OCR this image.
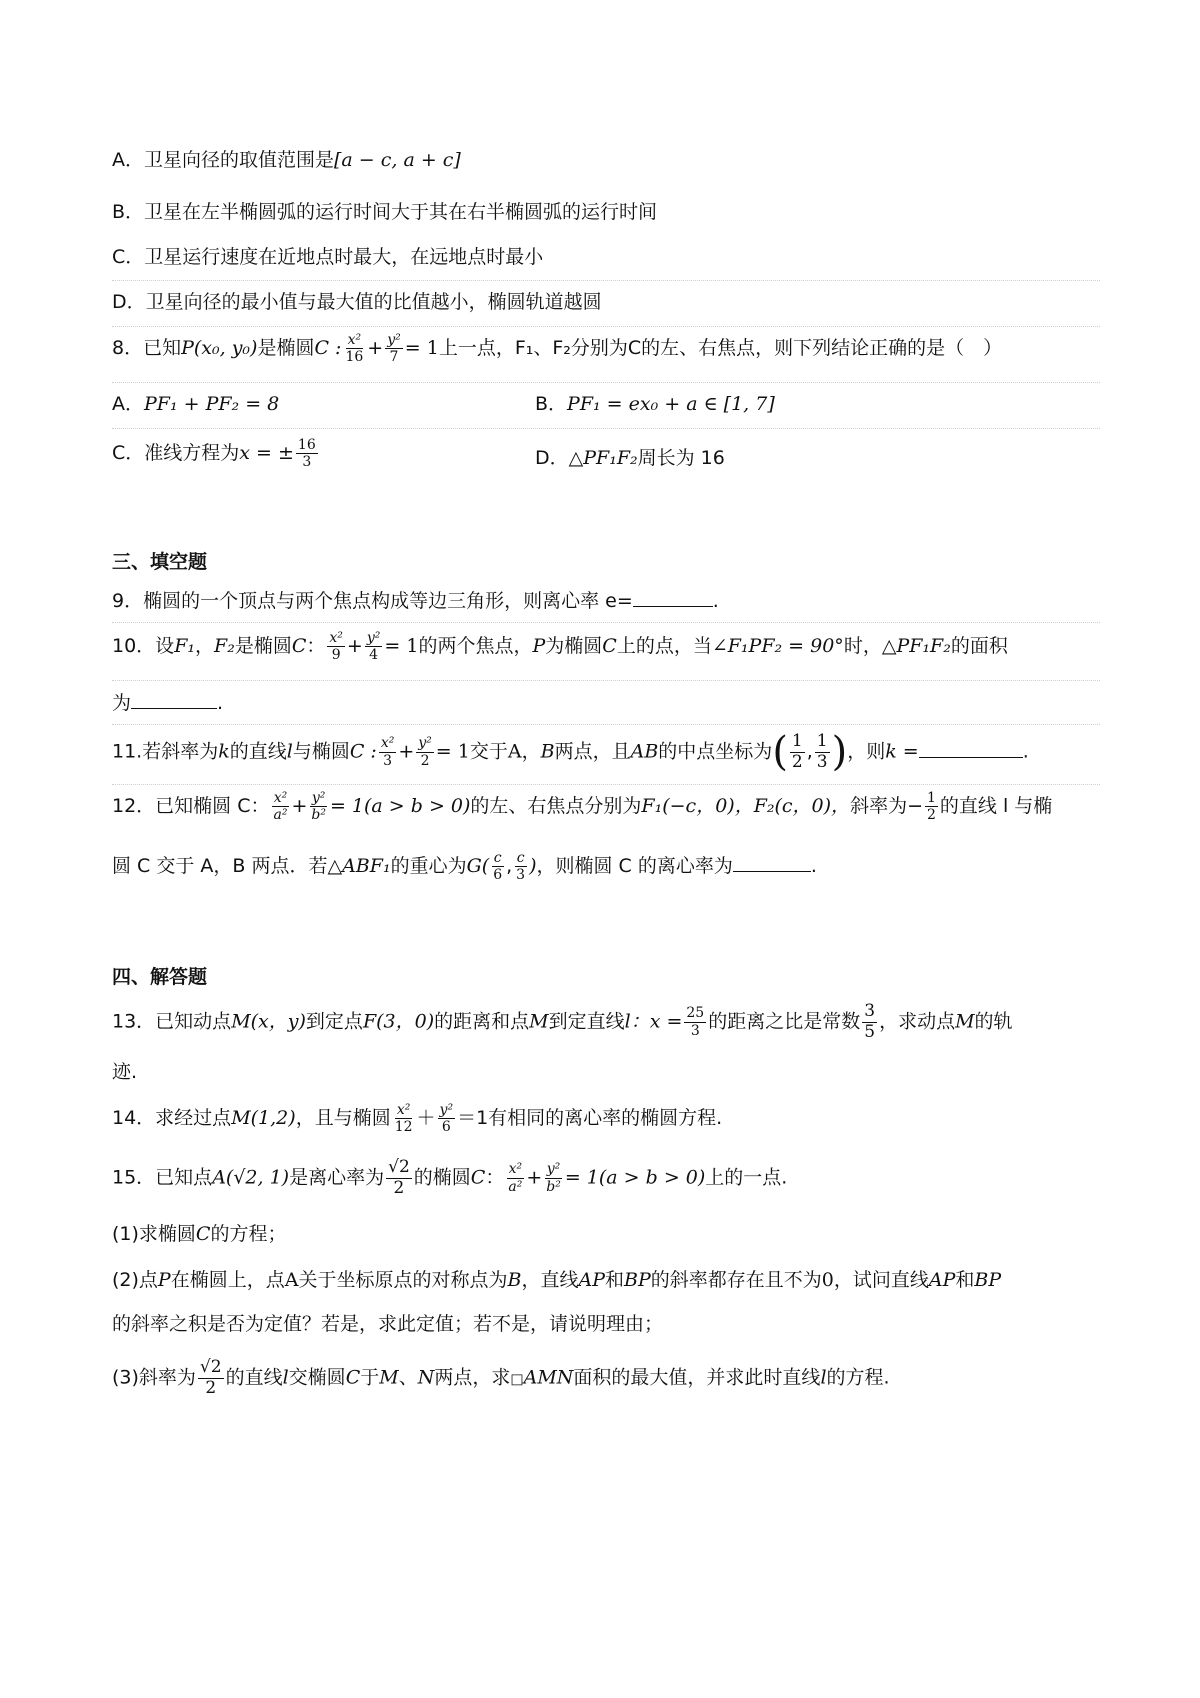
A．卫星向径的取值范围是[a − c, a + c]
B．卫星在左半椭圆弧的运行时间大于其在右半椭圆弧的运行时间
C．卫星运行速度在近地点时最大，在远地点时最小
D．卫星向径的最小值与最大值的比值越小，椭圆轨道越圆
8．已知P(x₀, y₀)是椭圆C : $\frac{\text{x²}}{16} + \frac{\text{y²}}{7} = 1$上一点，F₁、F₂分别为C的左、右焦点，则下列结论正确的是（　）
A．PF₁ + PF₂ = 8	B．PF₁ = ex₀ + a ∈ [1, 7]
C．准线方程为x = ± $\frac{16}{3}$	D．△PF₁F₂周长为 16
三、填空题
9．椭圆的一个顶点与两个焦点构成等边三角形，则离心率 e=	.
10．设F₁，F₂是椭圆C： $\frac{\text{x²}}{9} + \frac{\text{y²}}{4} = 1$的两个焦点，P为椭圆C上的点，当∠F₁PF₂ = 90°时，△PF₁F₂的面积
为	.
11.若斜率为k的直线l与椭圆C : $\frac{\text{x²}}{3} + \frac{\text{y²}}{2} = 1$交于A，B两点，且AB的中点坐标为( $\frac{1}{2}$ , $\frac{1}{3}$ )，则k =	.
12．已知椭圆 C： $\frac{\text{x²}}{\text{a²}} + \frac{\text{y²}}{\text{b²}} = 1(a > b > 0)$的左、右焦点分别为F₁(−c，0)，F₂(c，0)，斜率为− $\frac{1}{2}$ 的直线 l 与椭
圆 C 交于 A，B 两点．若△ABF₁的重心为$G( \frac{c}{6}$ , $\frac{c}{3}$ )，则椭圆 C 的离心率为	.
四、解答题
13．已知动点M(x，y)到定点F(3，0)的距离和点M到定直线l：$x = \frac{25}{3}$ 的距离之比是常数 $\frac{3}{5}$ ，求动点M的轨
迹.
14．求经过点M(1,2)，且与椭圆 $\frac{\text{x²}}{12} + \frac{\text{y²}}{6} =1$有相同的离心率的椭圆方程.
15．已知点A(√2, 1)是离心率为 $\frac{√2}{2}$ 的椭圆C： $\frac{\text{x²}}{\text{a²}} + \frac{\text{y²}}{\text{b²}} = 1(a > b > 0)$上的一点.
(1)求椭圆C的方程；
(2)点P在椭圆上，点A关于坐标原点的对称点为B，直线AP和BP的斜率都存在且不为0，试问直线AP和BP
的斜率之积是否为定值？若是，求此定值；若不是，请说明理由；
(3)斜率为 $\frac{√2}{2}$ 的直线l交椭圆C于M、N两点，求□AMN面积的最大值，并求此时直线l的方程.
